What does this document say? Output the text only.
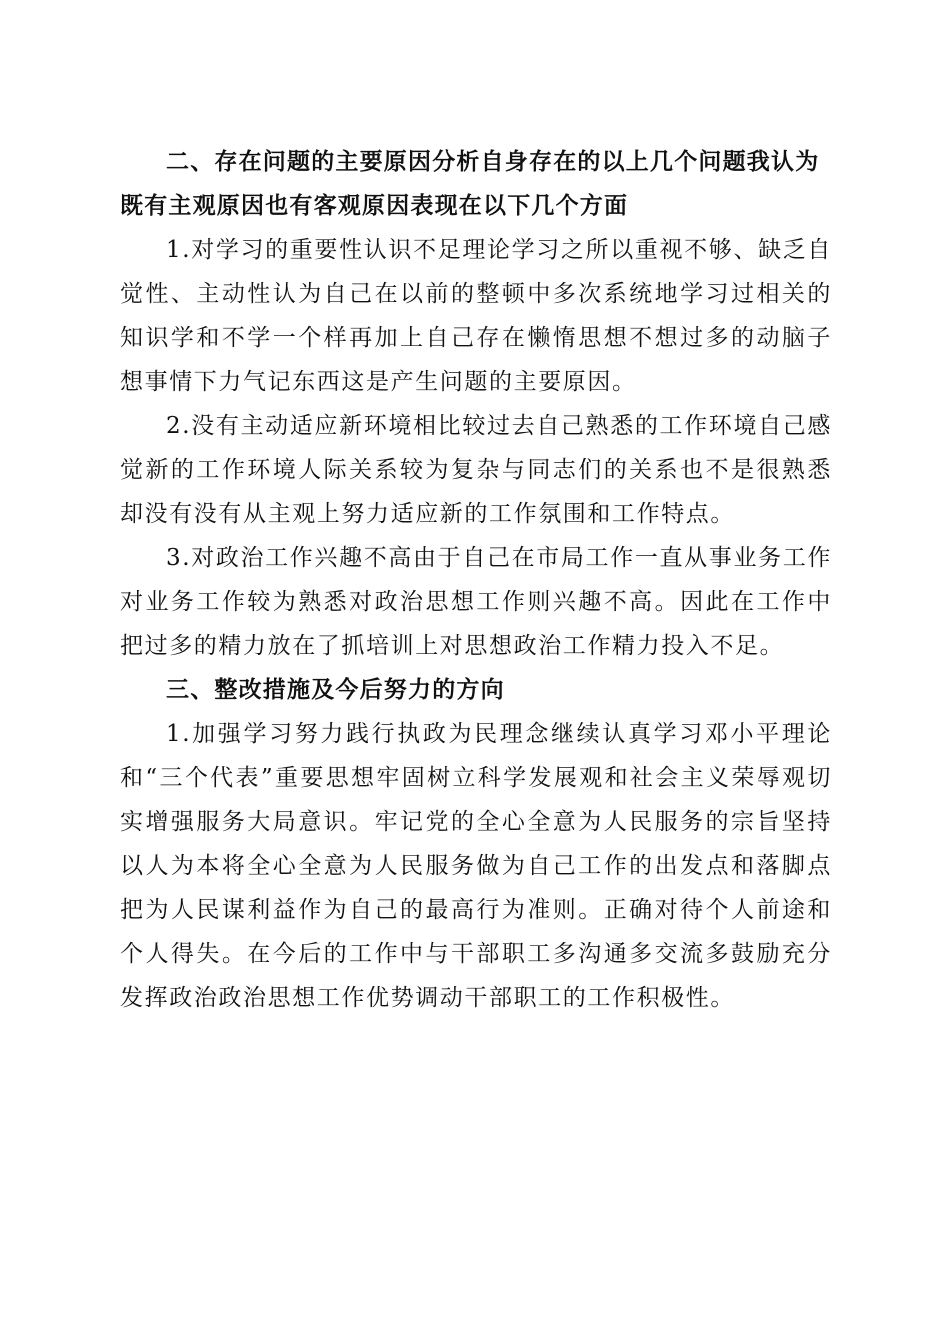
二、存在问题的主要原因分析自身存在的以上几个问题我认为既有主观原因也有客观原因表现在以下几个方面

1.对学习的重要性认识不足理论学习之所以重视不够、缺乏自觉性、主动性认为自己在以前的整顿中多次系统地学习过相关的知识学和不学一个样再加上自己存在懒惰思想不想过多的动脑子想事情下力气记东西这是产生问题的主要原因。

2.没有主动适应新环境相比较过去自己熟悉的工作环境自己感觉新的工作环境人际关系较为复杂与同志们的关系也不是很熟悉却没有没有从主观上努力适应新的工作氛围和工作特点。

3.对政治工作兴趣不高由于自己在市局工作一直从事业务工作对业务工作较为熟悉对政治思想工作则兴趣不高。因此在工作中把过多的精力放在了抓培训上对思想政治工作精力投入不足。

三、整改措施及今后努力的方向

1.加强学习努力践行执政为民理念继续认真学习邓小平理论和“三个代表”重要思想牢固树立科学发展观和社会主义荣辱观切实增强服务大局意识。牢记党的全心全意为人民服务的宗旨坚持以人为本将全心全意为人民服务做为自己工作的出发点和落脚点把为人民谋利益作为自己的最高行为准则。正确对待个人前途和个人得失。在今后的工作中与干部职工多沟通多交流多鼓励充分发挥政治政治思想工作优势调动干部职工的工作积极性。
